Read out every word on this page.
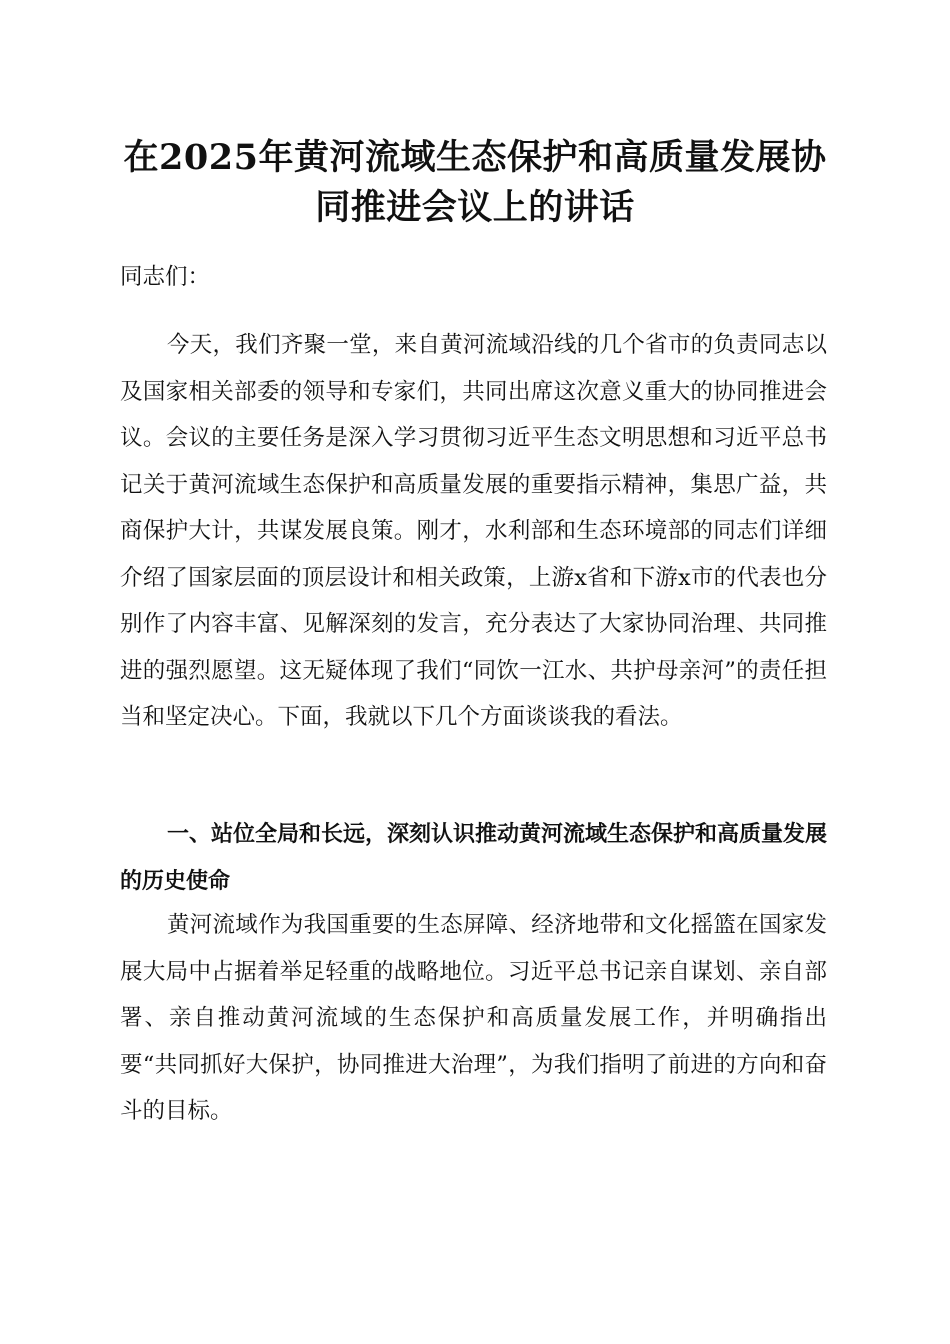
在2025年黄河流域生态保护和高质量发展协
同推进会议上的讲话

同志们：

今天，我们齐聚一堂，来自黄河流域沿线的几个省市的负责同志以及国家相关部委的领导和专家们，共同出席这次意义重大的协同推进会议。会议的主要任务是深入学习贯彻习近平生态文明思想和习近平总书记关于黄河流域生态保护和高质量发展的重要指示精神，集思广益，共商保护大计，共谋发展良策。刚才，水利部和生态环境部的同志们详细介绍了国家层面的顶层设计和相关政策，上游x省和下游x市的代表也分别作了内容丰富、见解深刻的发言，充分表达了大家协同治理、共同推进的强烈愿望。这无疑体现了我们“同饮一江水、共护母亲河”的责任担当和坚定决心。下面，我就以下几个方面谈谈我的看法。

一、站位全局和长远，深刻认识推动黄河流域生态保护和高质量发展的历史使命

黄河流域作为我国重要的生态屏障、经济地带和文化摇篮在国家发展大局中占据着举足轻重的战略地位。习近平总书记亲自谋划、亲自部署、亲自推动黄河流域的生态保护和高质量发展工作，并明确指出要“共同抓好大保护，协同推进大治理”，为我们指明了前进的方向和奋斗的目标。
